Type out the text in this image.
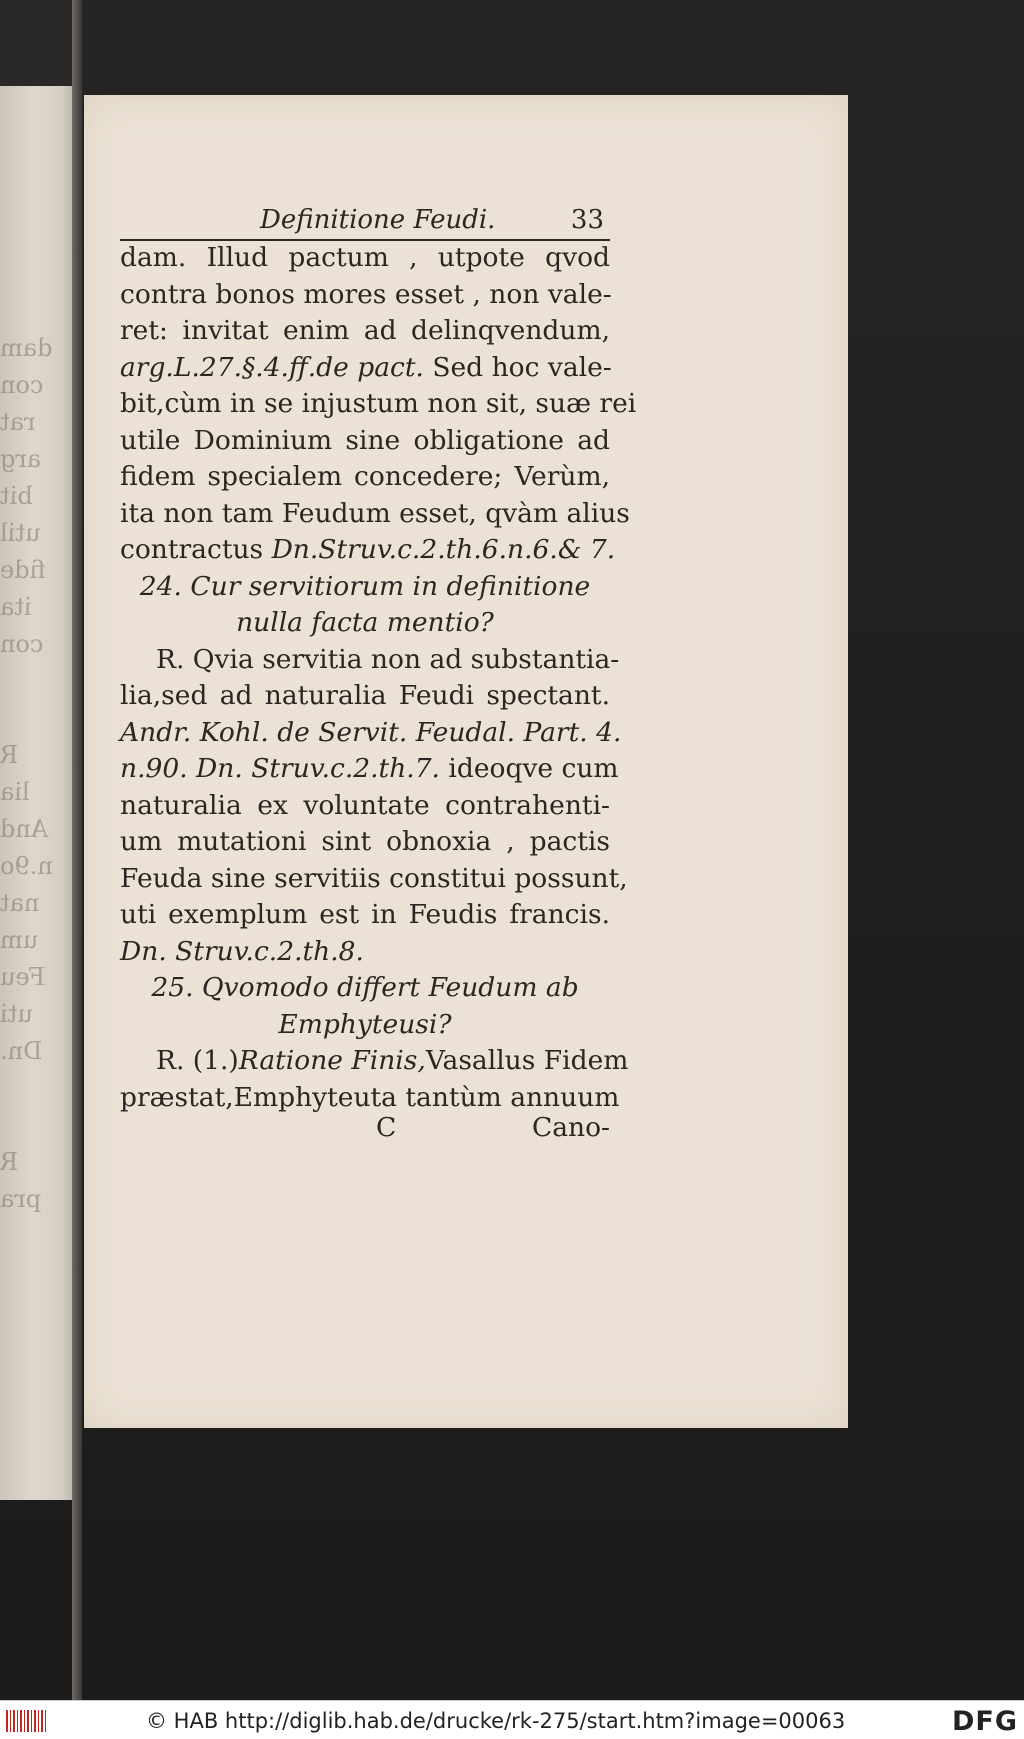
dam
con
rat
arg
bit
util
fide
ita
con

R
lia
And
n.9o
nat
um
Feu
uti
Dn.

R
pra
Definitione Feudi.	33
dam. Illud pactum , utpote qvod
contra bonos mores esset , non vale-
ret: invitat enim ad delinqvendum,
arg.L.27.§.4.ff.de pact. Sed hoc vale-
bit,cùm in se injustum non sit, suæ rei
utile Dominium sine obligatione ad
fidem specialem concedere; Verùm,
ita non tam Feudum esset, qvàm alius
contractus Dn.Struv.c.2.th.6.n.6.& 7.
24. Cur servitiorum in definitione
nulla facta mentio?
R. Qvia servitia non ad substantia-
lia,sed ad naturalia Feudi spectant.
Andr. Kohl. de Servit. Feudal. Part. 4.
n.90. Dn. Struv.c.2.th.7. ideoqve cum
naturalia ex voluntate contrahenti-
um mutationi sint obnoxia , pactis
Feuda sine servitiis constitui possunt,
uti exemplum est in Feudis francis.
Dn. Struv.c.2.th.8.
25. Qvomodo differt Feudum ab
Emphyteusi?
R. (1.)Ratione Finis,Vasallus Fidem
præstat,Emphyteuta tantùm annuum
C	Cano-
© HAB http://diglib.hab.de/drucke/rk-275/start.htm?image=00063	DFG
